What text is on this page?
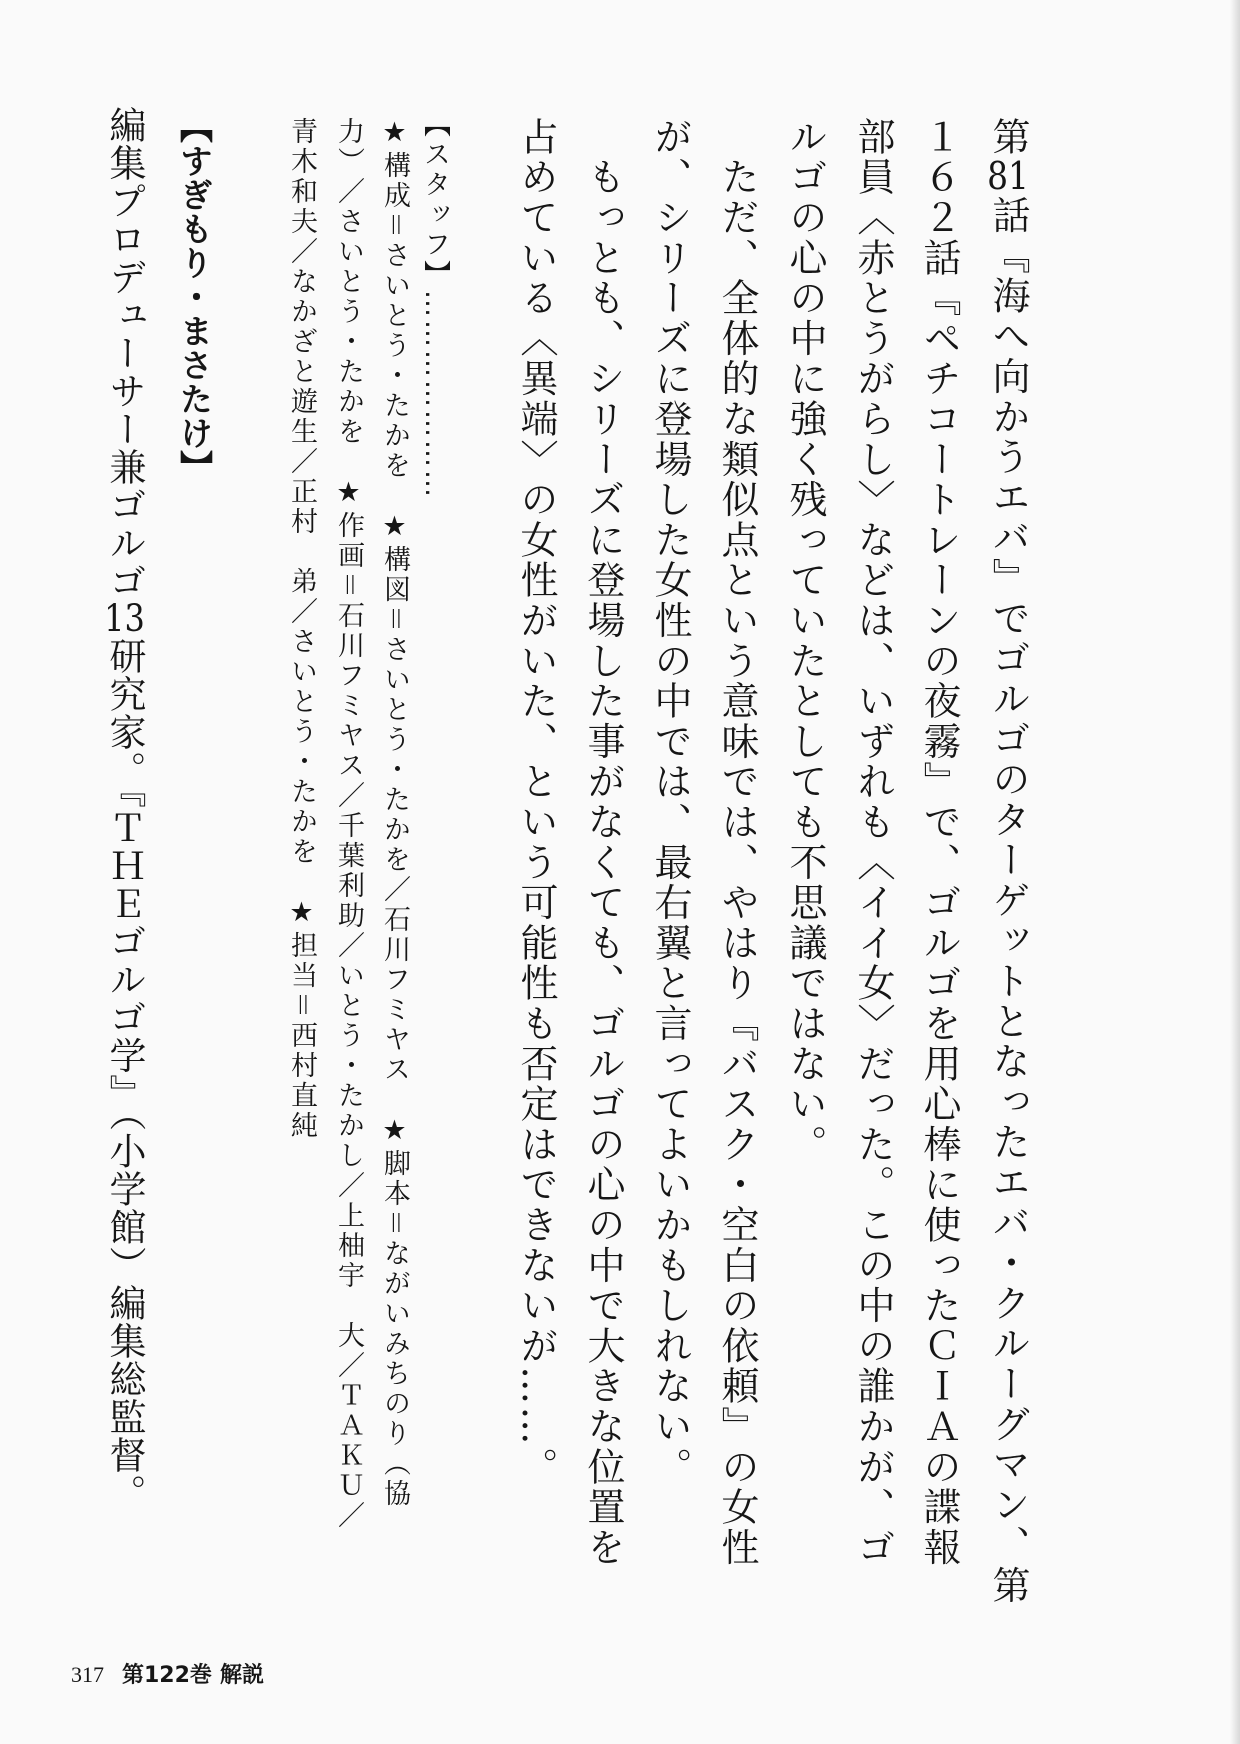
第81話『海へ向かうエバ』でゴルゴのターゲットとなったエバ・クルーグマン、第
１６２話『ペチコートレーンの夜霧』で、ゴルゴを用心棒に使ったＣＩＡの諜報
部員〈赤とうがらし〉などは、いずれも〈イイ女〉だった。この中の誰かが、ゴ
ルゴの心の中に強く残っていたとしても不思議ではない。
　ただ、全体的な類似点という意味では、やはり『バスク・空白の依頼』の女性
が、シリーズに登場した女性の中では、最右翼と言ってよいかもしれない。
　もっとも、シリーズに登場した事がなくても、ゴルゴの心の中で大きな位置を
占めている〈異端〉の女性がいた、という可能性も否定はできないが……。
【スタッフ】…………………
★構成＝さいとう・たかを　★構図＝さいとう・たかを／石川フミヤス　★脚本＝ながいみちのり（協
力）／さいとう・たかを　★作画＝石川フミヤス／千葉利助／いとう・たかし／上柚宇　大／ＴＡＫＵ／
青木和夫／なかざと遊生／正村　弟／さいとう・たかを　★担当＝西村直純
【すぎもり・まさたけ】
編集プロデューサー兼ゴルゴ13研究家。『ＴＨＥゴルゴ学』（小学館）編集総監督。
317 第122巻 解説
